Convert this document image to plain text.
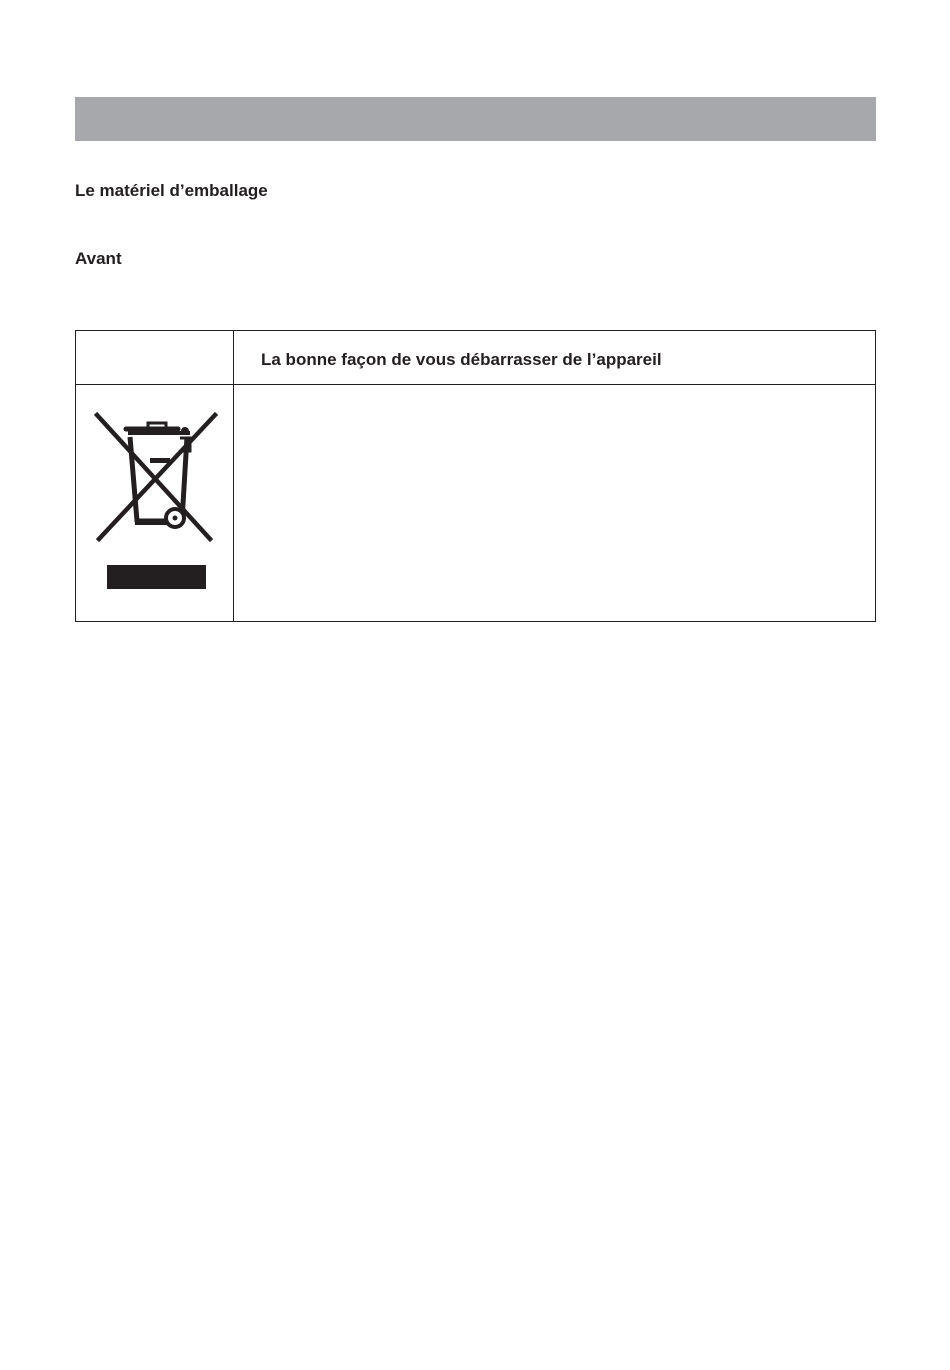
Le matériel d’emballage
Avant
La bonne façon de vous débarrasser de l’appareil
